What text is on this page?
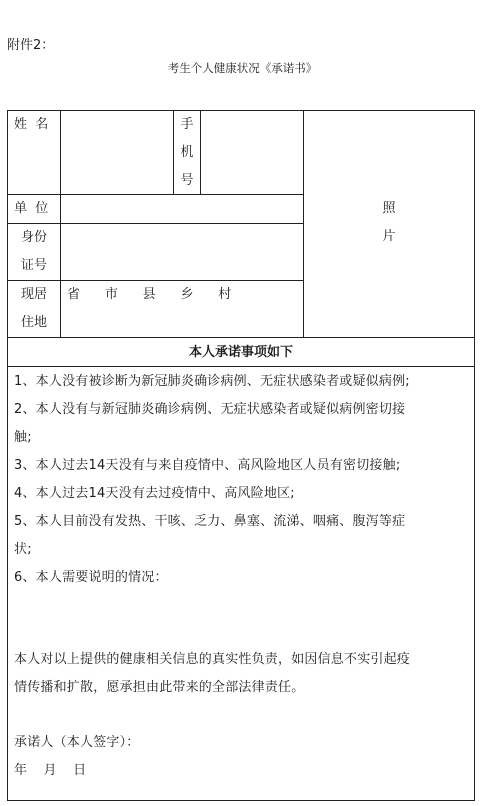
附件2：
考生个人健康状况《承诺书》
姓
名	手
机
号
照
片
单
位
身份
证号
现居
住地
省
市
县
乡
村
本人承诺事项如下
1、本人没有被诊断为新冠肺炎确诊病例、无症状感染者或疑似病例;
2、本人没有与新冠肺炎确诊病例、无症状感染者或疑似病例密切接
触;
3、本人过去14天没有与来自疫情中、高风险地区人员有密切接触;
4、本人过去14天没有去过疫情中、高风险地区;
5、本人目前没有发热、干咳、乏力、鼻塞、流涕、咽痛、腹泻等症
状;
6、本人需要说明的情况：
本人对以上提供的健康相关信息的真实性负责，如因信息不实引起疫
情传播和扩散，愿承担由此带来的全部法律责任。
承诺人（本人签字）：
年
月
日
